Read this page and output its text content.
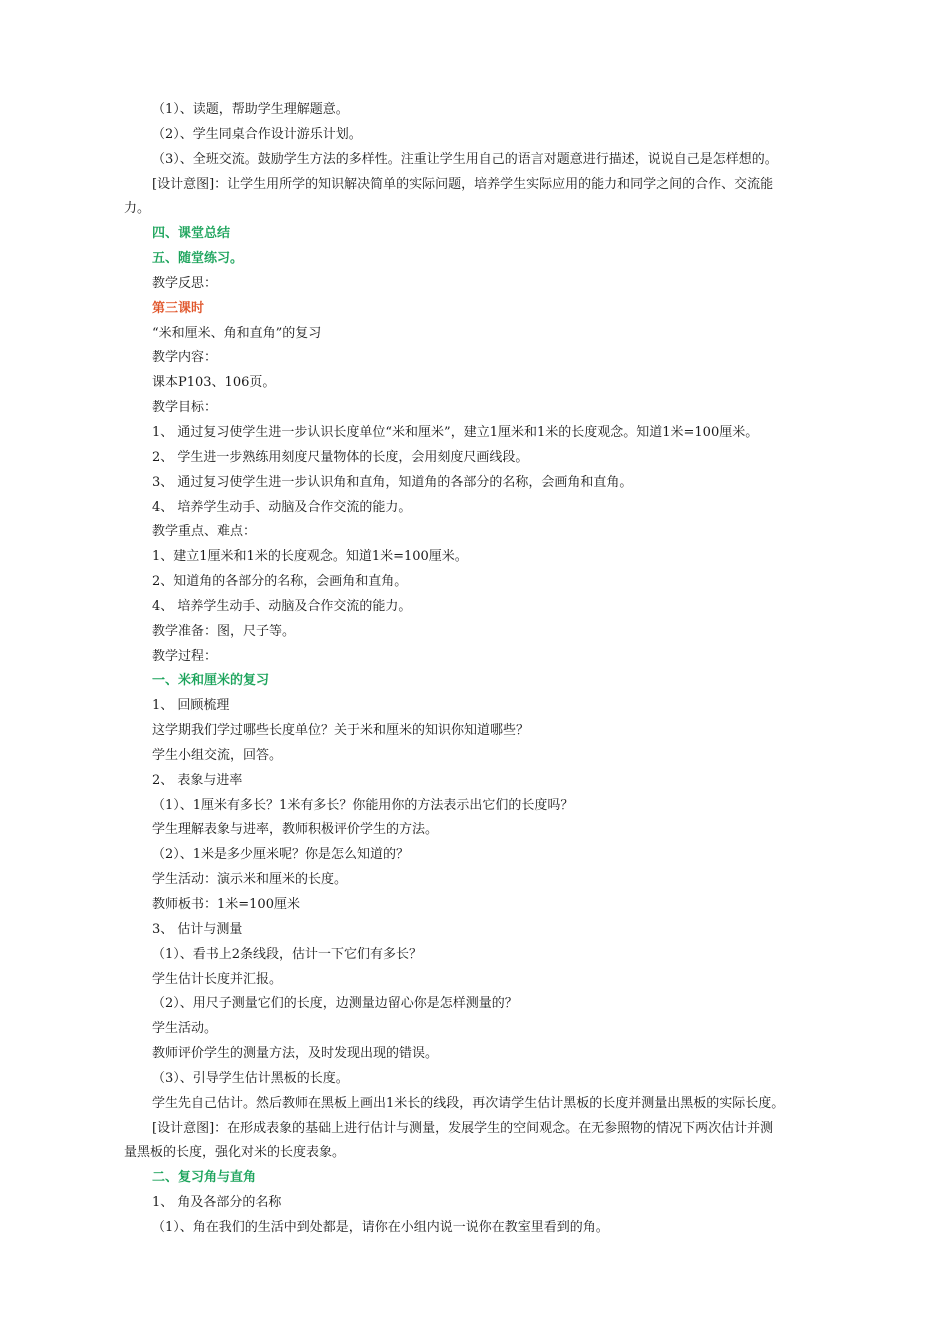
（1）、读题，帮助学生理解题意。
（2）、学生同桌合作设计游乐计划。
（3）、全班交流。鼓励学生方法的多样性。注重让学生用自己的语言对题意进行描述，说说自己是怎样想的。
[设计意图]：让学生用所学的知识解决简单的实际问题，培养学生实际应用的能力和同学之间的合作、交流能
力。
四、课堂总结
五、随堂练习。
教学反思：
第三课时
“米和厘米、角和直角”的复习
教学内容：
课本P103、106页。
教学目标：
1、 通过复习使学生进一步认识长度单位“米和厘米”，建立1厘米和1米的长度观念。知道1米=100厘米。
2、 学生进一步熟练用刻度尺量物体的长度，会用刻度尺画线段。
3、 通过复习使学生进一步认识角和直角，知道角的各部分的名称，会画角和直角。
4、 培养学生动手、动脑及合作交流的能力。
教学重点、难点：
1、建立1厘米和1米的长度观念。知道1米=100厘米。
2、知道角的各部分的名称，会画角和直角。
4、 培养学生动手、动脑及合作交流的能力。
教学准备：图，尺子等。
教学过程：
一、米和厘米的复习
1、 回顾梳理
这学期我们学过哪些长度单位？关于米和厘米的知识你知道哪些？
学生小组交流，回答。
2、 表象与进率
（1）、1厘米有多长？1米有多长？你能用你的方法表示出它们的长度吗？
学生理解表象与进率，教师积极评价学生的方法。
（2）、1米是多少厘米呢？你是怎么知道的？
学生活动：演示米和厘米的长度。
教师板书：1米=100厘米
3、 估计与测量
（1）、看书上2条线段，估计一下它们有多长？
学生估计长度并汇报。
（2）、用尺子测量它们的长度，边测量边留心你是怎样测量的？
学生活动。
教师评价学生的测量方法，及时发现出现的错误。
（3）、引导学生估计黑板的长度。
学生先自己估计。然后教师在黑板上画出1米长的线段，再次请学生估计黑板的长度并测量出黑板的实际长度。
[设计意图]：在形成表象的基础上进行估计与测量，发展学生的空间观念。在无参照物的情况下两次估计并测
量黑板的长度，强化对米的长度表象。
二、复习角与直角
1、 角及各部分的名称
（1）、角在我们的生活中到处都是，请你在小组内说一说你在教室里看到的角。
